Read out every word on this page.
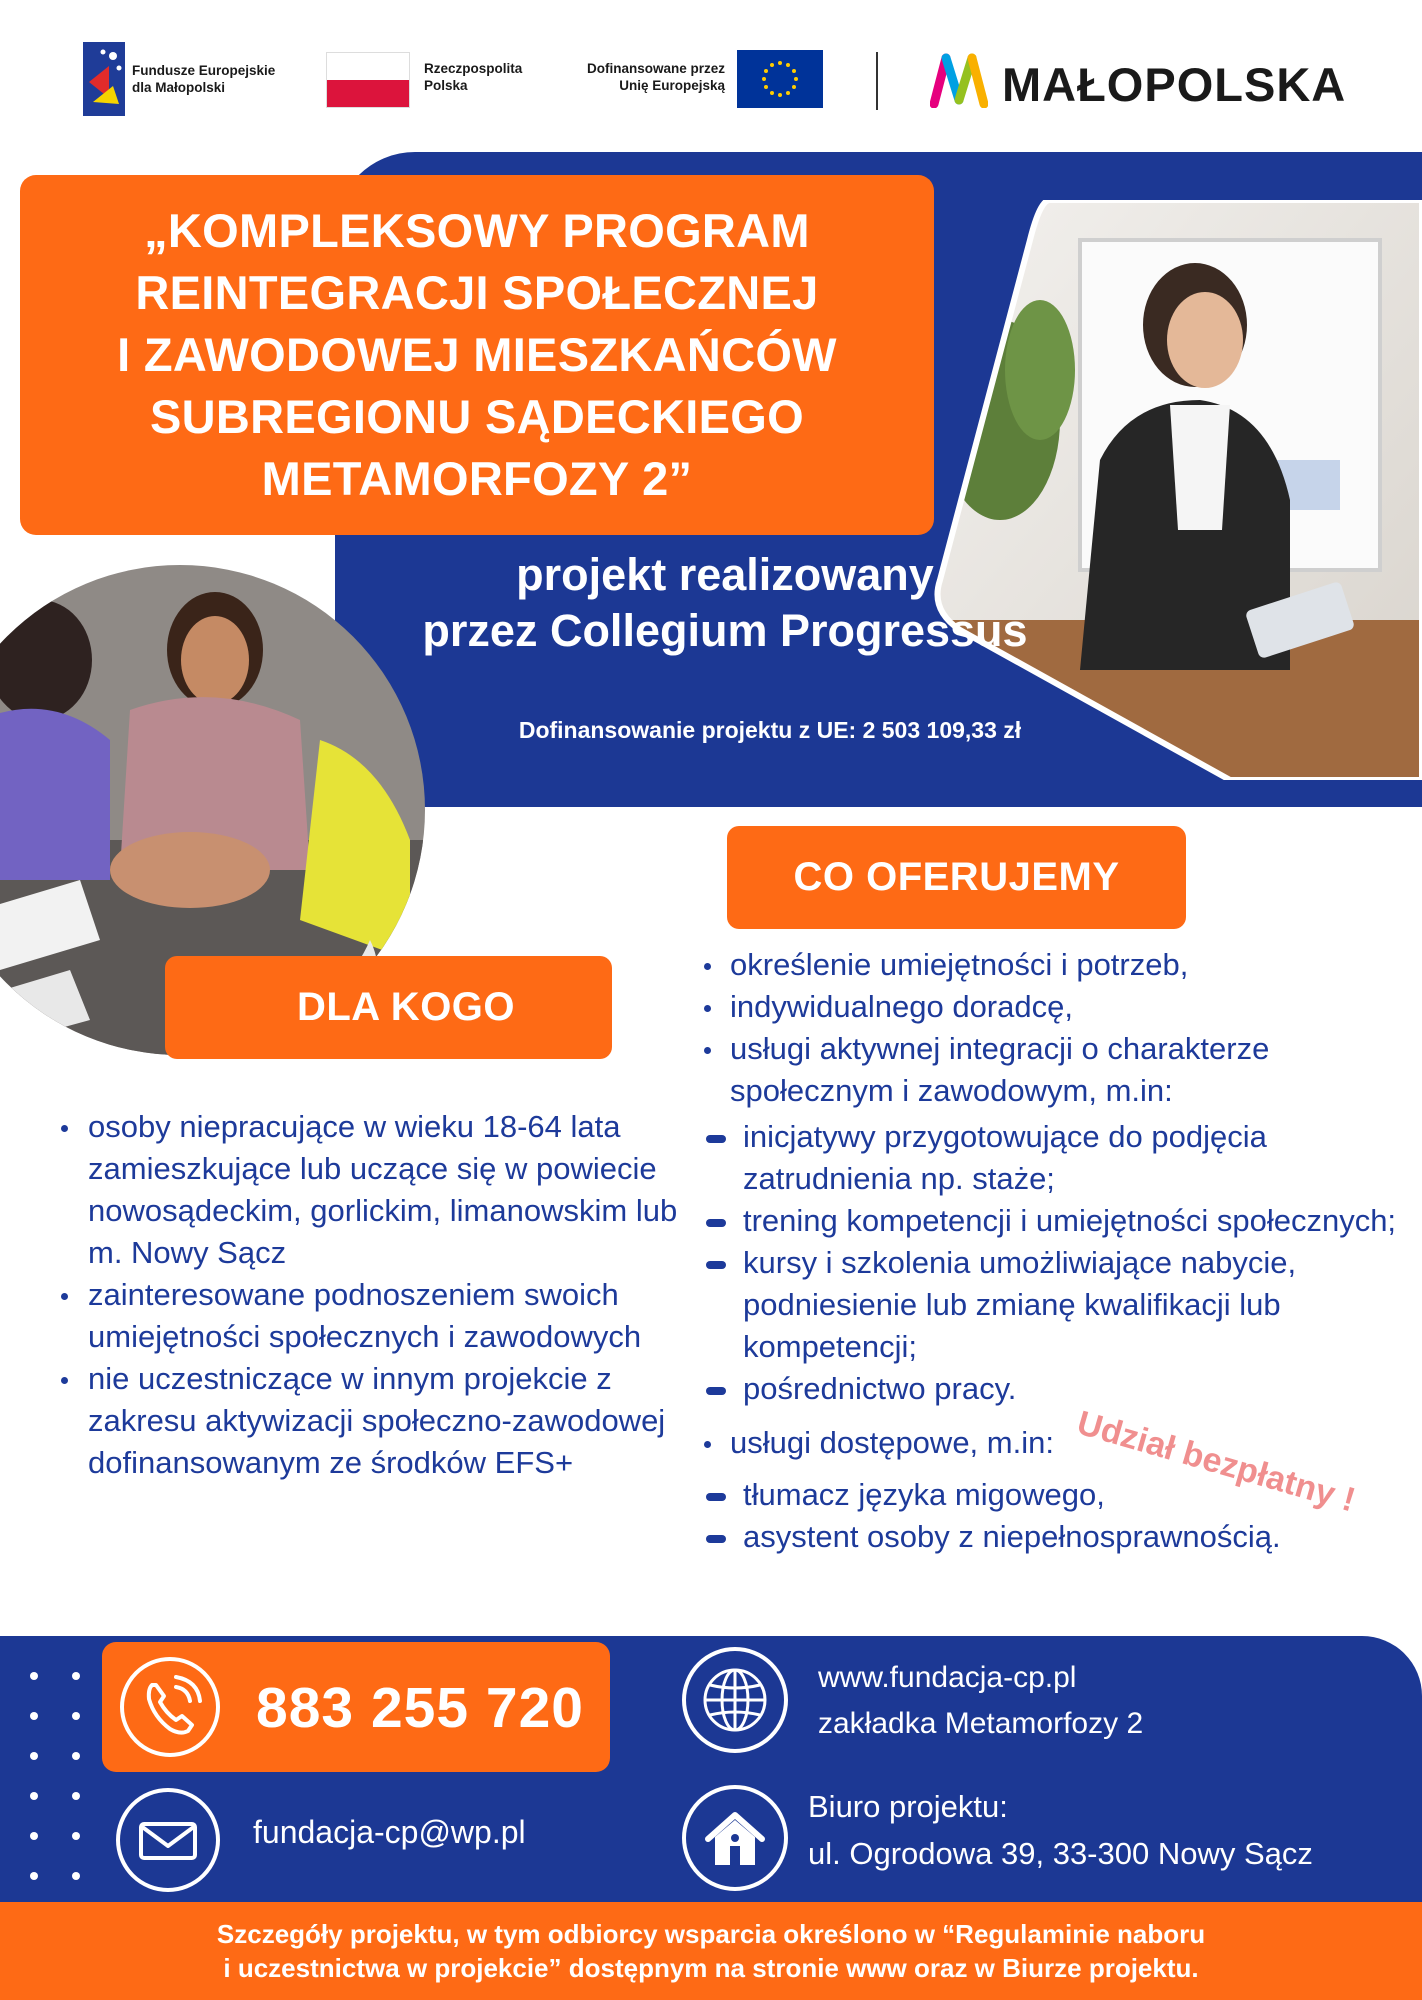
Fundusze Europejskie
dla Małopolski
Rzeczpospolita
Polska
Dofinansowane przez
Unię Europejską	MAŁOPOLSKA
„KOMPLEKSOWY PROGRAM
REINTEGRACJI SPOŁECZNEJ
I ZAWODOWEJ MIESZKAŃCÓW
SUBREGIONU SĄDECKIEGO
METAMORFOZY 2”
projekt realizowany
przez Collegium Progressus
Dofinansowanie projektu z UE: 2 503 109,33 zł
CO OFERUJEMY
DLA KOGO
osoby niepracujące w wieku 18-64 lata zamieszkujące lub uczące się w powiecie nowosądeckim, gorlickim, limanowskim lub m. Nowy Sącz
zainteresowane podnoszeniem swoich umiejętności społecznych i zawodowych
nie uczestniczące w innym projekcie z zakresu aktywizacji społeczno-zawodowej dofinansowanym ze środków EFS+
określenie umiejętności i potrzeb,
indywidualnego doradcę,
usługi aktywnej integracji o charakterze społecznym i zawodowym, m.in:
inicjatywy przygotowujące do podjęcia zatrudnienia np. staże;
trening kompetencji i umiejętności społecznych;
kursy i szkolenia umożliwiające nabycie, podniesienie lub zmianę kwalifikacji lub kompetencji;
pośrednictwo pracy.
usługi dostępowe, m.in:
tłumacz języka migowego,
asystent osoby z niepełnosprawnością.
Udział bezpłatny !
883 255 720
fundacja-cp@wp.pl
www.fundacja-cp.pl
zakładka Metamorfozy 2
Biuro projektu:
ul. Ogrodowa 39, 33-300 Nowy Sącz

Szczegóły projektu, w tym odbiorcy wsparcia określono w “Regulaminie naboru
i uczestnictwa w projekcie” dostępnym na stronie www oraz w Biurze projektu.
